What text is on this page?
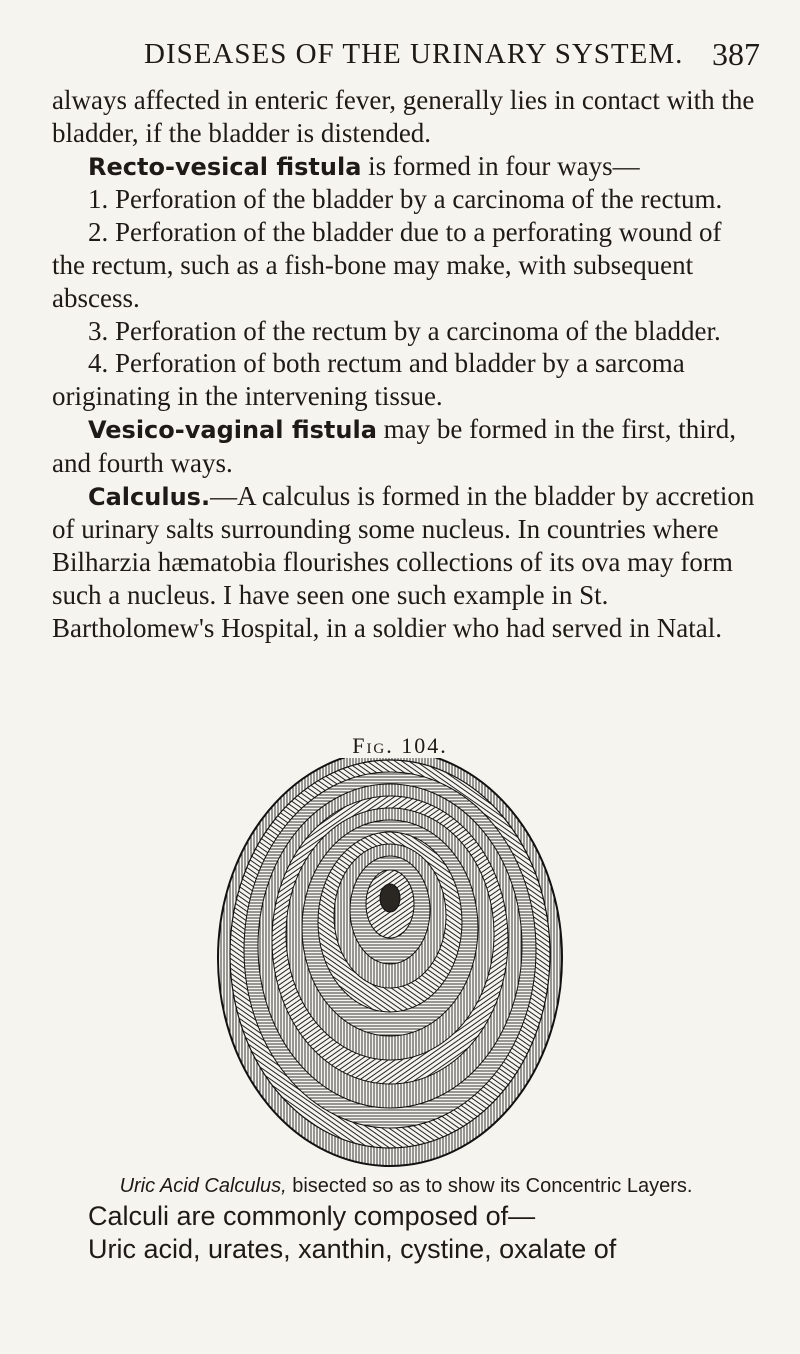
DISEASES OF THE URINARY SYSTEM. 387

always affected in enteric fever, generally lies in contact with the bladder, if the bladder is distended.

Recto-vesical fistula is formed in four ways—

1. Perforation of the bladder by a carcinoma of the rectum.

2. Perforation of the bladder due to a perforating wound of the rectum, such as a fish-bone may make, with subsequent abscess.

3. Perforation of the rectum by a carcinoma of the bladder.

4. Perforation of both rectum and bladder by a sarcoma originating in the intervening tissue.

Vesico-vaginal fistula may be formed in the first, third, and fourth ways.

Calculus.—A calculus is formed in the bladder by accretion of urinary salts surrounding some nucleus. In countries where Bilharzia hæmatobia flourishes collections of its ova may form such a nucleus. I have seen one such example in St. Bartholomew's Hospital, in a soldier who had served in Natal.

Fig. 104.
Uric Acid Calculus, bisected so as to show its Concentric Layers.

Calculi are commonly composed of—

Uric acid, urates, xanthin, cystine, oxalate of
